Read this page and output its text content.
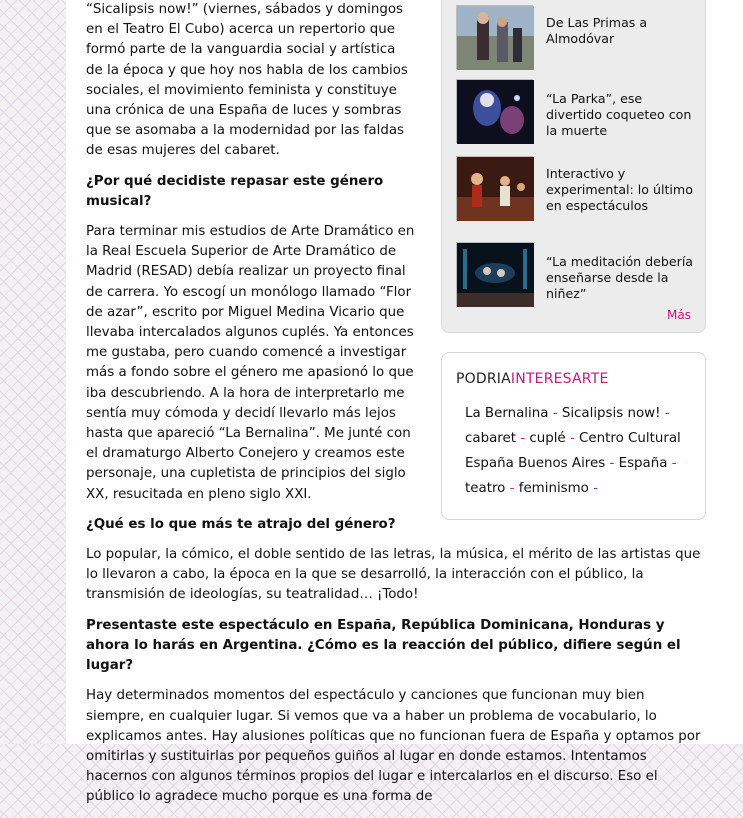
“Sicalipsis now!” (viernes, sábados y domingos en el Teatro El Cubo) acerca un repertorio que formó parte de la vanguardia social y artística de la época y que hoy nos habla de los cambios sociales, el movimiento feminista y constituye una crónica de una España de luces y sombras que se asomaba a la modernidad por las faldas de esas mujeres del cabaret.

¿Por qué decidiste repasar este género musical?

Para terminar mis estudios de Arte Dramático en la Real Escuela Superior de Arte Dramático de Madrid (RESAD) debía realizar un proyecto final de carrera. Yo escogí un monólogo llamado “Flor de azar”, escrito por Miguel Medina Vicario que llevaba intercalados algunos cuplés. Ya entonces me gustaba, pero cuando comencé a investigar más a fondo sobre el género me apasionó lo que iba descubriendo. A la hora de interpretarlo me sentía muy cómoda y decidí llevarlo más lejos hasta que apareció “La Bernalina”. Me junté con el dramaturgo Alberto Conejero y creamos este personaje, una cupletista de principios del siglo XX, resucitada en pleno siglo XXI.

¿Qué es lo que más te atrajo del género?

Lo popular, la cómico, el doble sentido de las letras, la música, el mérito de las artistas que lo llevaron a cabo, la época en la que se desarrolló, la interacción con el público, la transmisión de ideologías, su teatralidad… ¡Todo!

Presentaste este espectáculo en España, República Dominicana, Honduras y ahora lo harás en Argentina. ¿Cómo es la reacción del público, difiere según el lugar?

Hay determinados momentos del espectáculo y canciones que funcionan muy bien siempre, en cualquier lugar. Si vemos que va a haber un problema de vocabulario, lo explicamos antes. Hay alusiones políticas que no funcionan fuera de España y optamos por omitirlas y sustituirlas por pequeños guiños al lugar en donde estamos. Intentamos hacernos con algunos términos propios del lugar e intercalarlos en el discurso. Eso el público lo agradece mucho porque es una forma de

De Las Primas a Almodóvar
“La Parka”, ese divertido coqueteo con la muerte
Interactivo y experimental: lo último en espectáculos
“La meditación debería enseñarse desde la niñez”
Más
PODRIAINTERESARTE
La Bernalina - Sicalipsis now! -
cabaret - cuplé - Centro Cultural España Buenos Aires - España -
teatro - feminismo -
